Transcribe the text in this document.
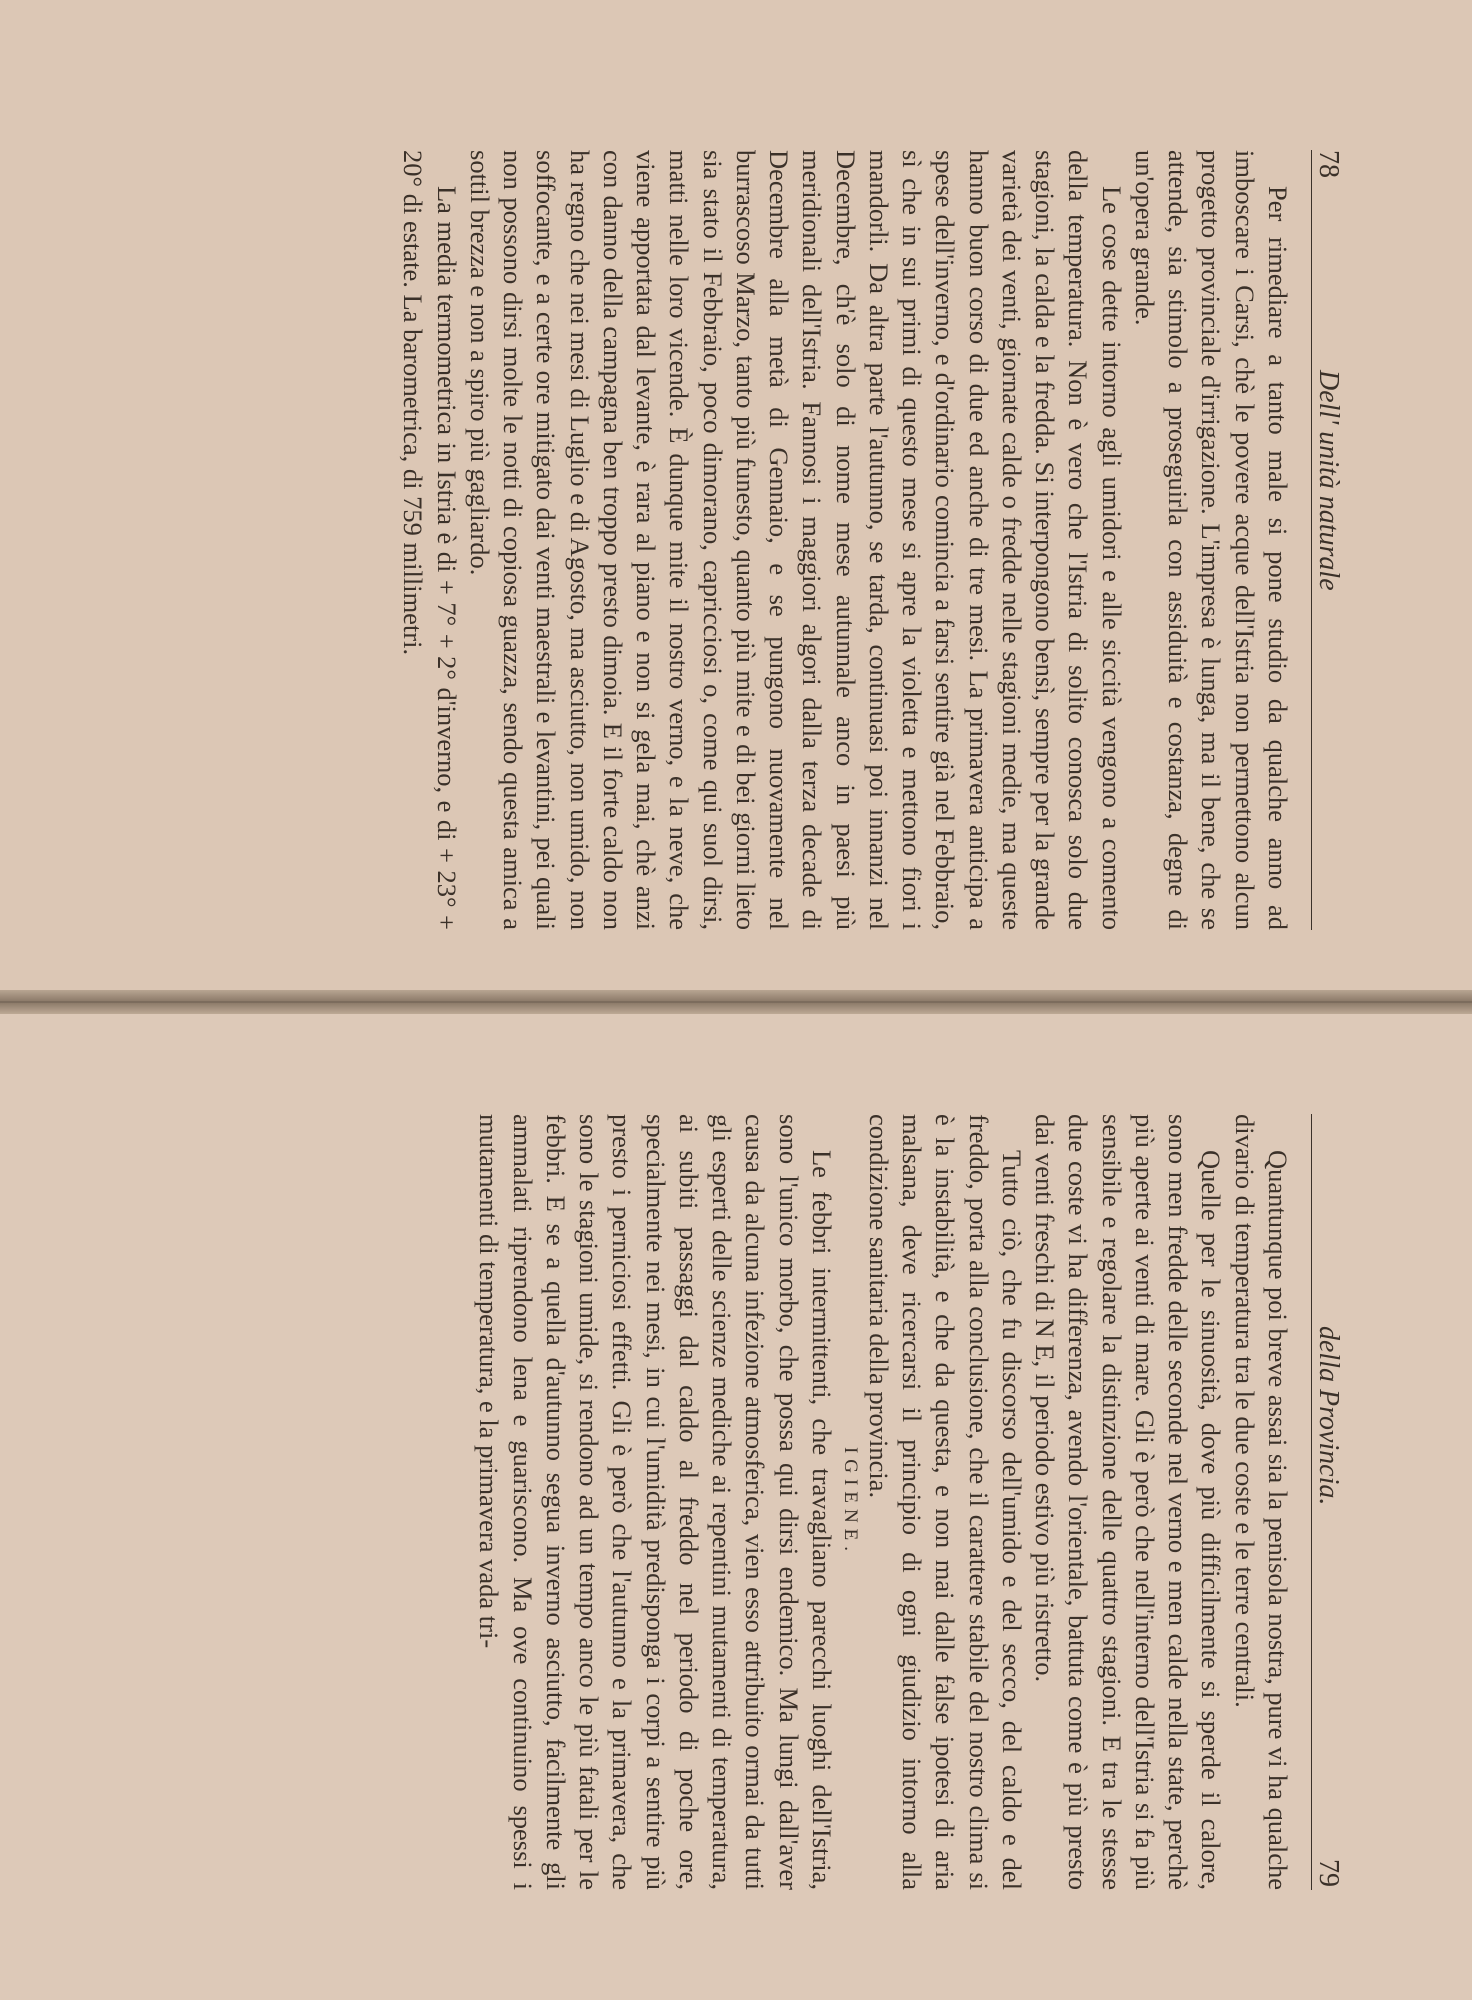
78
Dell' unità naturale

Per rimediare a tanto male si pone studio da qualche anno ad imboscare i Carsi, chè le povere acque dell'Istria non permettono alcun progetto provinciale d'irrigazione. L'impresa è lunga, ma il bene, che se attende, sia stimolo a proseguirla con assiduità e costanza, degne di un'opera grande.

Le cose dette intorno agli umidori e alle siccità vengono a comento della temperatura. Non è vero che l'Istria di solito conosca solo due stagioni, la calda e la fredda. Si interpongono bensì, sempre per la grande varietà dei venti, giornate calde o fredde nelle stagioni medie, ma queste hanno buon corso di due ed anche di tre mesi. La primavera anticipa a spese dell'inverno, e d'ordinario comincia a farsi sentire già nel Febbraio, sì che in sui primi di questo mese si apre la violetta e mettono fiori i mandorli. Da altra parte l'autunno, se tarda, continuasi poi innanzi nel Decembre, ch'è solo di nome mese autunnale anco in paesi più meridionali dell'Istria. Fannosi i maggiori algori dalla terza decade di Decembre alla metà di Gennaio, e se pungono nuovamente nel burrascoso Marzo, tanto più funesto, quanto più mite e di bei giorni lieto sia stato il Febbraio, poco dimorano, capricciosi o, come qui suol dirsi, matti nelle loro vicende. È dunque mite il nostro verno, e la neve, che viene apportata dal levante, è rara al piano e non si gela mai, chè anzi con danno della campagna ben troppo presto dimoia. E il forte caldo non ha regno che nei mesi di Luglio e di Agosto, ma asciutto, non umido, non soffocante, e a certe ore mitigato dai venti maestrali e levantini, pei quali non possono dirsi molte le notti di copiosa guazza, sendo questa amica a sottil brezza e non a spiro più gagliardo.

La media termometrica in Istria è di + 7° + 2° d'inverno, e di + 23° + 20° di estate. La barometrica, di 759 millimetri.

della Provincia.
79

Quantunque poi breve assai sia la penisola nostra, pure vi ha qualche divario di temperatura tra le due coste e le terre centrali.

Quelle per le sinuosità, dove più difficilmente si sperde il calore, sono men fredde delle seconde nel verno e men calde nella state, perchè più aperte ai venti di mare. Gli è però che nell'interno dell'Istria si fa più sensibile e regolare la distinzione delle quattro stagioni. E tra le stesse due coste vi ha differenza, avendo l'orientale, battuta come è più presto dai venti freschi di N E, il periodo estivo più ristretto.

Tutto ciò, che fu discorso dell'umido e del secco, del caldo e del freddo, porta alla conclusione, che il carattere stabile del nostro clima si è la instabilità, e che da questa, e non mai dalle false ipotesi di aria malsana, deve ricercarsi il principio di ogni giudizio intorno alla condizione sanitaria della provincia.

IGIENE.

Le febbri intermittenti, che travagliano parecchi luoghi dell'Istria, sono l'unico morbo, che possa qui dirsi endemico. Ma lungi dall'aver causa da alcuna infezione atmosferica, vien esso attribuito ormai da tutti gli esperti delle scienze mediche ai repentini mutamenti di temperatura, ai subiti passaggi dal caldo al freddo nel periodo di poche ore, specialmente nei mesi, in cui l'umidità predisponga i corpi a sentire più presto i perniciosi effetti. Gli è però che l'autunno e la primavera, che sono le stagioni umide, si rendono ad un tempo anco le più fatali per le febbri. E se a quella d'autunno segua inverno asciutto, facilmente gli ammalati riprendono lena e guariscono. Ma ove continuino spessi i mutamenti di temperatura, e la primavera vada tri-
